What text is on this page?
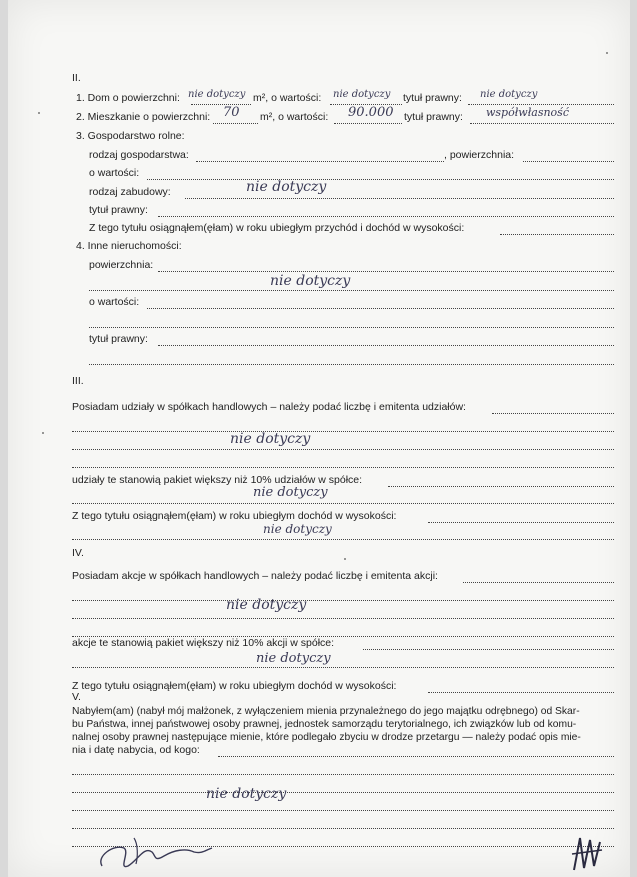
II.
1. Dom o powierzchni: nie dotyczy m², o wartości: nie dotyczy tytuł prawny: nie dotyczy
2. Mieszkanie o powierzchni: 70 m², o wartości: 90.000 tytuł prawny: współwłasność
3. Gospodarstwo rolne:
rodzaj gospodarstwa:	, powierzchnia:
o wartości:
rodzaj zabudowy:	nie dotyczy
tytuł prawny:
Z tego tytułu osiągnąłem(ęłam) w roku ubiegłym przychód i dochód w wysokości:
4. Inne nieruchomości:
powierzchnia:
nie dotyczy
o wartości:
tytuł prawny:
III.
Posiadam udziały w spółkach handlowych – należy podać liczbę i emitenta udziałów:
nie dotyczy
udziały te stanowią pakiet większy niż 10% udziałów w spółce:
nie dotyczy
Z tego tytułu osiągnąłem(ęłam) w roku ubiegłym dochód w wysokości:
nie dotyczy
IV.
Posiadam akcje w spółkach handlowych – należy podać liczbę i emitenta akcji:
nie dotyczy
akcje te stanowią pakiet większy niż 10% akcji w spółce:
nie dotyczy
Z tego tytułu osiągnąłem(ęłam) w roku ubiegłym dochód w wysokości:
V.
Nabyłem(am) (nabył mój małżonek, z wyłączeniem mienia przynależnego do jego majątku odrębnego) od Skar-
bu Państwa, innej państwowej osoby prawnej, jednostek samorządu terytorialnego, ich związków lub od komu-
nalnej osoby prawnej następujące mienie, które podlegało zbyciu w drodze przetargu — należy podać opis mie-
nia i datę nabycia, od kogo:
nie dotyczy
